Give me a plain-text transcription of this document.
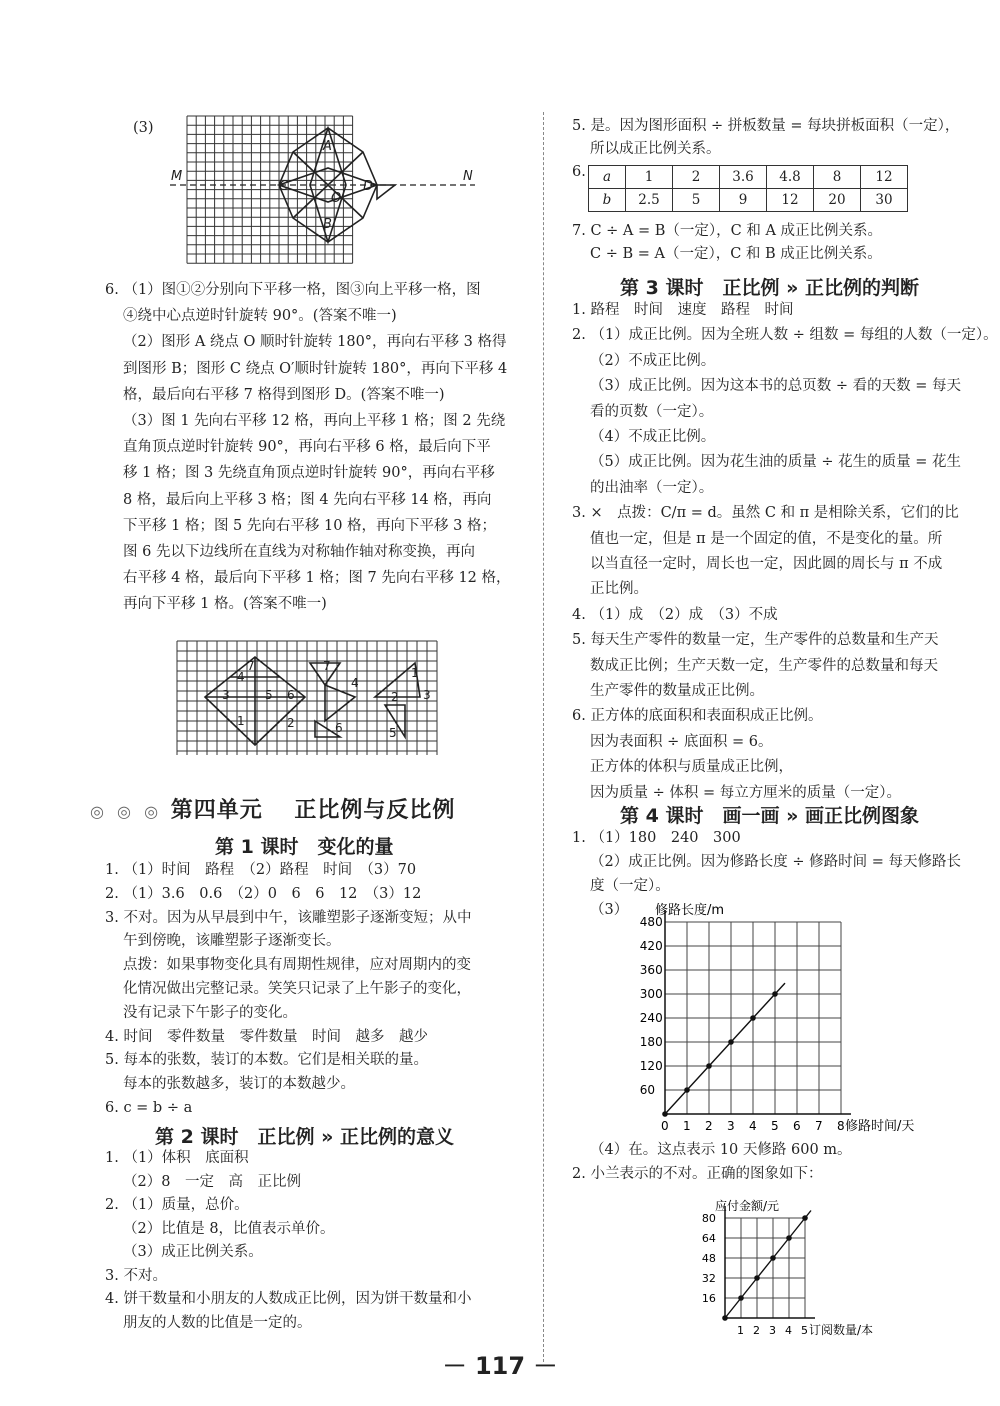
(3)
M	N
A
B
C	D
O
6. （1）图①②分别向下平移一格，图③向上平移一格，图
④绕中心点逆时针旋转 90°。(答案不唯一)
（2）图形 A 绕点 O 顺时针旋转 180°，再向右平移 3 格得
到图形 B；图形 C 绕点 O′顺时针旋转 180°，再向下平移 4
格，最后向右平移 7 格得到图形 D。(答案不唯一)
（3）图 1 先向右平移 12 格，再向上平移 1 格；图 2 先绕
直角顶点逆时针旋转 90°，再向右平移 6 格，最后向下平
移 1 格；图 3 先绕直角顶点逆时针旋转 90°，再向右平移
8 格，最后向上平移 3 格；图 4 先向右平移 14 格，再向
下平移 1 格；图 5 先向右平移 10 格，再向下平移 3 格；
图 6 先以下边线所在直线为对称轴作轴对称变换，再向
右平移 4 格，最后向下平移 1 格；图 7 先向右平移 12 格，
再向下平移 1 格。(答案不唯一)
1	2
3
4
5 6
7	1
2 3
4
5
6
7
◎ ◎ ◎ 第四单元　 正比例与反比例
第 1 课时　变化的量
1. （1）时间　路程　（2）路程　时间　（3）70
2. （1）3.6　0.6　（2）0　6　6　12　（3）12
3. 不对。因为从早晨到中午，该雕塑影子逐渐变短；从中
午到傍晚，该雕塑影子逐渐变长。
点拨：如果事物变化具有周期性规律，应对周期内的变
化情况做出完整记录。笑笑只记录了上午影子的变化，
没有记录下午影子的变化。
4. 时间　零件数量　零件数量　时间　越多　越少
5. 每本的张数，装订的本数。它们是相关联的量。
每本的张数越多，装订的本数越少。
6. c = b ÷ a
第 2 课时　正比例 » 正比例的意义
1. （1）体积　底面积
（2）8　一定　高　正比例
2. （1）质量，总价。
（2）比值是 8，比值表示单价。
（3）成正比例关系。
3. 不对。
4. 饼干数量和小朋友的人数成正比例，因为饼干数量和小
朋友的人数的比值是一定的。
5. 是。因为图形面积 ÷ 拼板数量 = 每块拼板面积（一定），
所以成正比例关系。
6. a	1	2	3.6	4.8	8	12
b	2.5	5	9	12	20	30
7. C ÷ A = B（一定），C 和 A 成正比例关系。
C ÷ B = A（一定），C 和 B 成正比例关系。
第 3 课时　正比例 » 正比例的判断
1. 路程　时间　速度　路程　时间
2. （1）成正比例。因为全班人数 ÷ 组数 = 每组的人数（一定）。
（2）不成正比例。
（3）成正比例。因为这本书的总页数 ÷ 看的天数 = 每天
看的页数（一定）。
（4）不成正比例。
（5）成正比例。因为花生油的质量 ÷ 花生的质量 = 花生
的出油率（一定）。
3. ×　点拨：C/π = d。虽然 C 和 π 是相除关系，它们的比
值也一定，但是 π 是一个固定的值，不是变化的量。所
以当直径一定时，周长也一定，因此圆的周长与 π 不成
正比例。
4. （1）成　（2）成　（3）不成
5. 每天生产零件的数量一定，生产零件的总数量和生产天
数成正比例；生产天数一定，生产零件的总数量和每天
生产零件的数量成正比例。
6. 正方体的底面积和表面积成正比例。
因为表面积 ÷ 底面积 = 6。
正方体的体积与质量成正比例，
因为质量 ÷ 体积 = 每立方厘米的质量（一定）。
第 4 课时　画一画 » 画正比例图象
1. （1）180　240　300
（2）成正比例。因为修路长度 ÷ 修路时间 = 每天修路长
度（一定）。
（3）
0 1 2 3 4 5 6 7 8
60
120
180
240
300
360
420
480
修路长度/m
修路时间/天
（4）在。这点表示 10 天修路 600 m。
2. 小兰表示的不对。正确的图象如下：
1 2 3 4 5
16
32
48
64
80
应付金额/元
订阅数量/本
－ 117 －
